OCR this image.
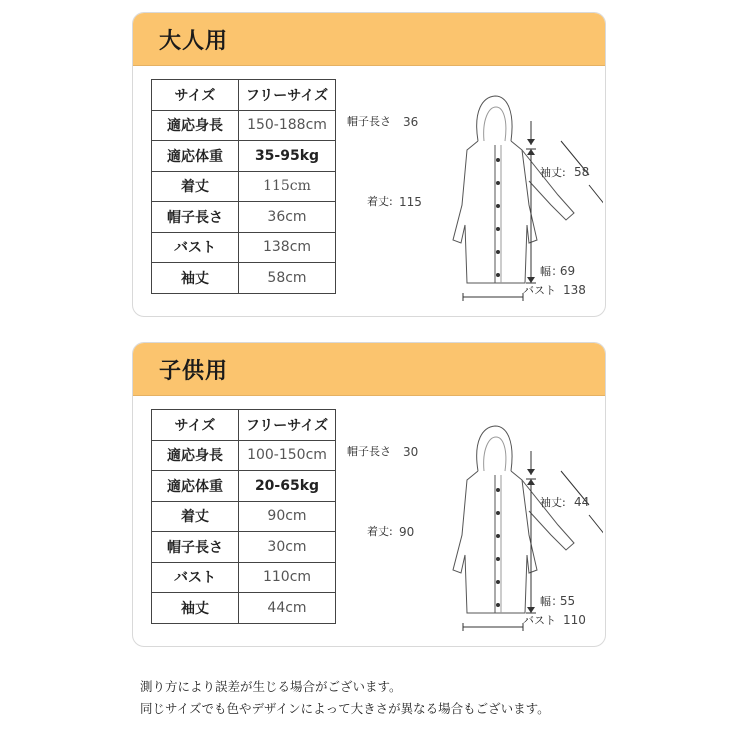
大人用
サイズ	フリーサイズ
適応身長	150-188cm
適応体重	35-95kg
着丈	115cm
帽子長さ	36cm
バスト	138cm
袖丈	58cm
帽子長さ 36
着丈: 115
袖丈: 58
幅 : 69
バスト 138
子供用
サイズ	フリーサイズ
適応身長	100-150cm
適応体重	20-65kg
着丈	90cm
帽子長さ	30cm
バスト	110cm
袖丈	44cm
帽子長さ 30
着丈: 90
袖丈: 44
幅 : 55
バスト 110
測り方により誤差が生じる場合がございます。
同じサイズでも色やデザインによって大きさが異なる場合もございます。
